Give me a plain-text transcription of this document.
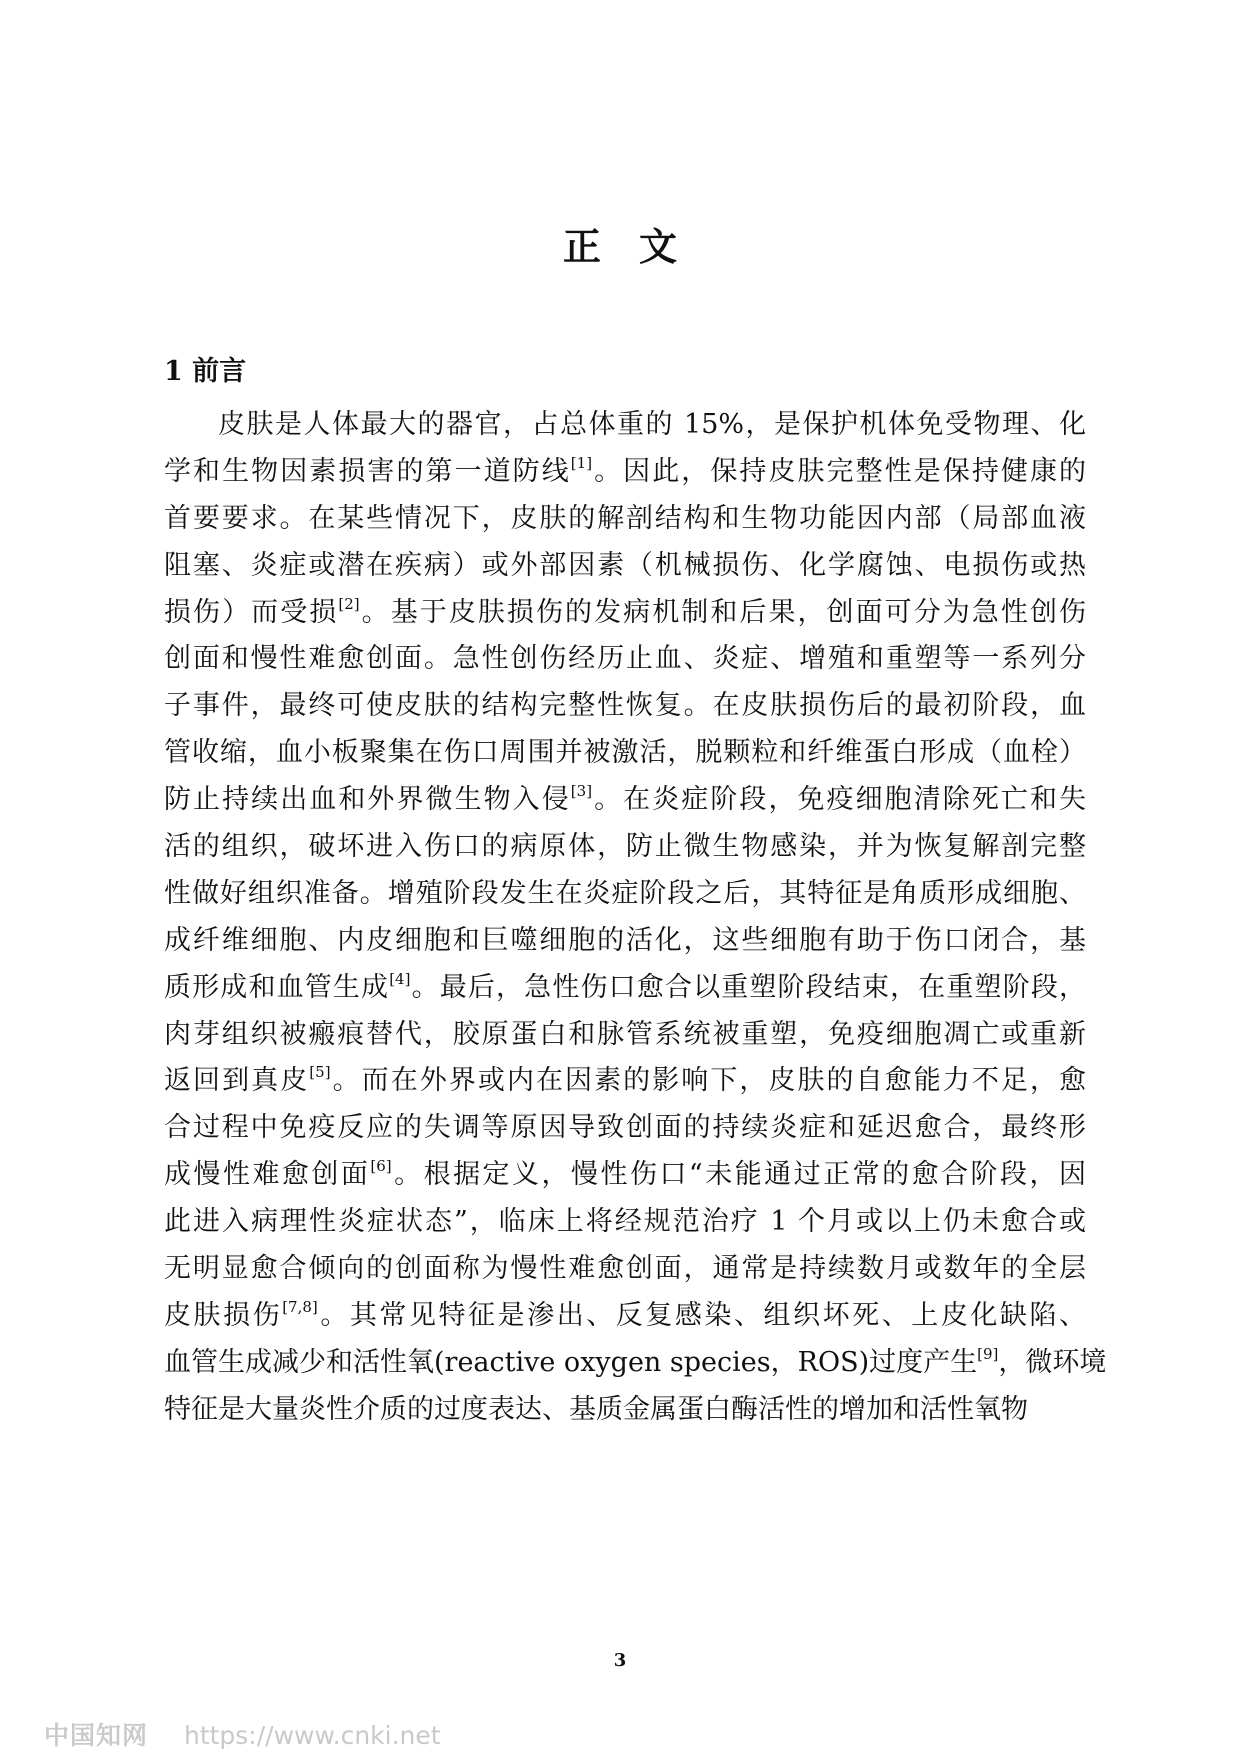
正文
1 前言
皮肤是人体最大的器官，占总体重的 15%，是保护机体免受物理、化
学和生物因素损害的第一道防线[1]。因此，保持皮肤完整性是保持健康的
首要要求。在某些情况下，皮肤的解剖结构和生物功能因内部（局部血液
阻塞、炎症或潜在疾病）或外部因素（机械损伤、化学腐蚀、电损伤或热
损伤）而受损[2]。基于皮肤损伤的发病机制和后果，创面可分为急性创伤
创面和慢性难愈创面。急性创伤经历止血、炎症、增殖和重塑等一系列分
子事件，最终可使皮肤的结构完整性恢复。在皮肤损伤后的最初阶段，血
管收缩，血小板聚集在伤口周围并被激活，脱颗粒和纤维蛋白形成（血栓）
防止持续出血和外界微生物入侵[3]。在炎症阶段，免疫细胞清除死亡和失
活的组织，破坏进入伤口的病原体，防止微生物感染，并为恢复解剖完整
性做好组织准备。增殖阶段发生在炎症阶段之后，其特征是角质形成细胞、
成纤维细胞、内皮细胞和巨噬细胞的活化，这些细胞有助于伤口闭合，基
质形成和血管生成[4]。最后，急性伤口愈合以重塑阶段结束，在重塑阶段，
肉芽组织被瘢痕替代，胶原蛋白和脉管系统被重塑，免疫细胞凋亡或重新
返回到真皮[5]。而在外界或内在因素的影响下，皮肤的自愈能力不足，愈
合过程中免疫反应的失调等原因导致创面的持续炎症和延迟愈合，最终形
成慢性难愈创面[6]。根据定义，慢性伤口“未能通过正常的愈合阶段，因
此进入病理性炎症状态”，临床上将经规范治疗 1 个月或以上仍未愈合或
无明显愈合倾向的创面称为慢性难愈创面，通常是持续数月或数年的全层
皮肤损伤[7,8]。其常见特征是渗出、反复感染、组织坏死、上皮化缺陷、
血管生成减少和活性氧(reactive oxygen species，ROS)过度产生[9]，微环境
特征是大量炎性介质的过度表达、基质金属蛋白酶活性的增加和活性氧物
3
中国知网 https://www.cnki.net
